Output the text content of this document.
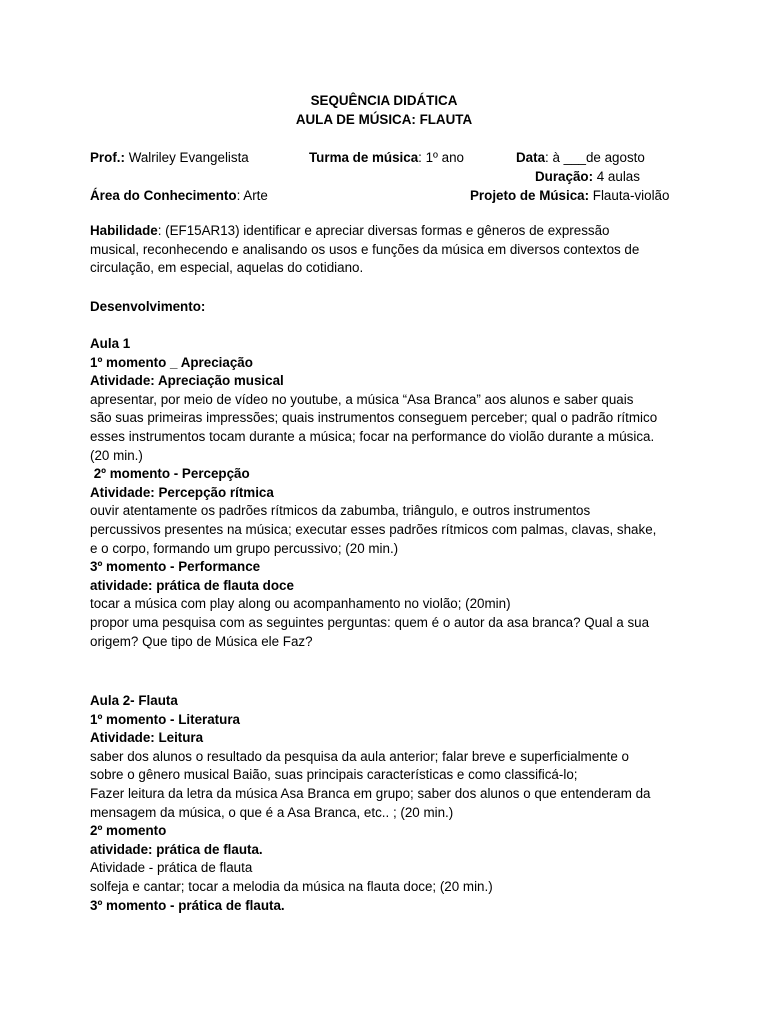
SEQUÊNCIA DIDÁTICA
AULA DE MÚSICA: FLAUTA
Prof.: Walriley Evangelista	Turma de música: 1º ano	Data: à ___de agosto
Duração: 4 aulas
Área do Conhecimento: Arte	Projeto de Música: Flauta-violão
Habilidade: (EF15AR13) identificar e apreciar diversas formas e gêneros de expressão
musical, reconhecendo e analisando os usos e funções da música em diversos contextos de
circulação, em especial, aquelas do cotidiano.
Desenvolvimento:
Aula 1
1º momento _ Apreciação
Atividade: Apreciação musical
apresentar, por meio de vídeo no youtube, a música “Asa Branca” aos alunos e saber quais
são suas primeiras impressões; quais instrumentos conseguem perceber; qual o padrão rítmico
esses instrumentos tocam durante a música; focar na performance do violão durante a música.
(20 min.)
2º momento - Percepção
Atividade: Percepção rítmica
ouvir atentamente os padrões rítmicos da zabumba, triângulo, e outros instrumentos
percussivos presentes na música; executar esses padrões rítmicos com palmas, clavas, shake,
e o corpo, formando um grupo percussivo; (20 min.)
3º momento - Performance
atividade: prática de flauta doce
tocar a música com play along ou acompanhamento no violão; (20min)
propor uma pesquisa com as seguintes perguntas: quem é o autor da asa branca? Qual a sua
origem? Que tipo de Música ele Faz?
Aula 2- Flauta
1º momento - Literatura
Atividade: Leitura
saber dos alunos o resultado da pesquisa da aula anterior; falar breve e superficialmente o
sobre o gênero musical Baião, suas principais características e como classificá-lo;
Fazer leitura da letra da música Asa Branca em grupo; saber dos alunos o que entenderam da
mensagem da música, o que é a Asa Branca, etc.. ; (20 min.)
2º momento
atividade: prática de flauta.
Atividade - prática de flauta
solfeja e cantar; tocar a melodia da música na flauta doce; (20 min.)
3º momento - prática de flauta.
